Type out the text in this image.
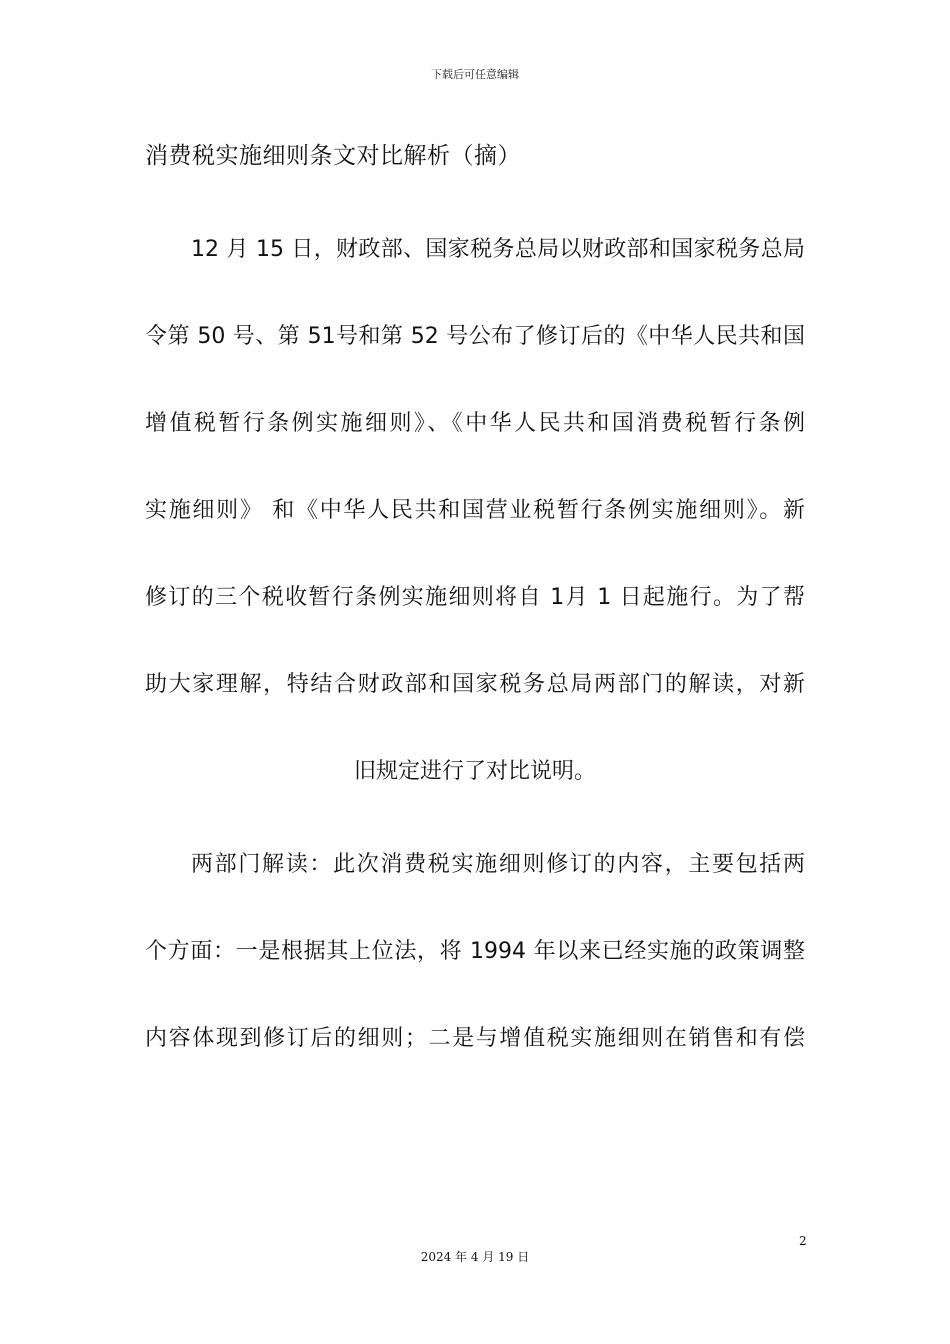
下载后可任意编辑
消费税实施细则条文对比解析（摘）
12 月 15 日，财政部、国家税务总局以财政部和国家税务总局
令第 50 号、第 51号和第 52 号公布了修订后的《中华人民共和国
增值税暂行条例实施细则》、《中华人民共和国消费税暂行条例
实施细则》 和《中华人民共和国营业税暂行条例实施细则》。新
修订的三个税收暂行条例实施细则将自 1月 1 日起施行。为了帮
助大家理解，特结合财政部和国家税务总局两部门的解读，对新
旧规定进行了对比说明。
两部门解读：此次消费税实施细则修订的内容，主要包括两
个方面：一是根据其上位法，将 1994 年以来已经实施的政策调整
内容体现到修订后的细则；二是与增值税实施细则在销售和有偿
2
2024 年 4 月 19 日
